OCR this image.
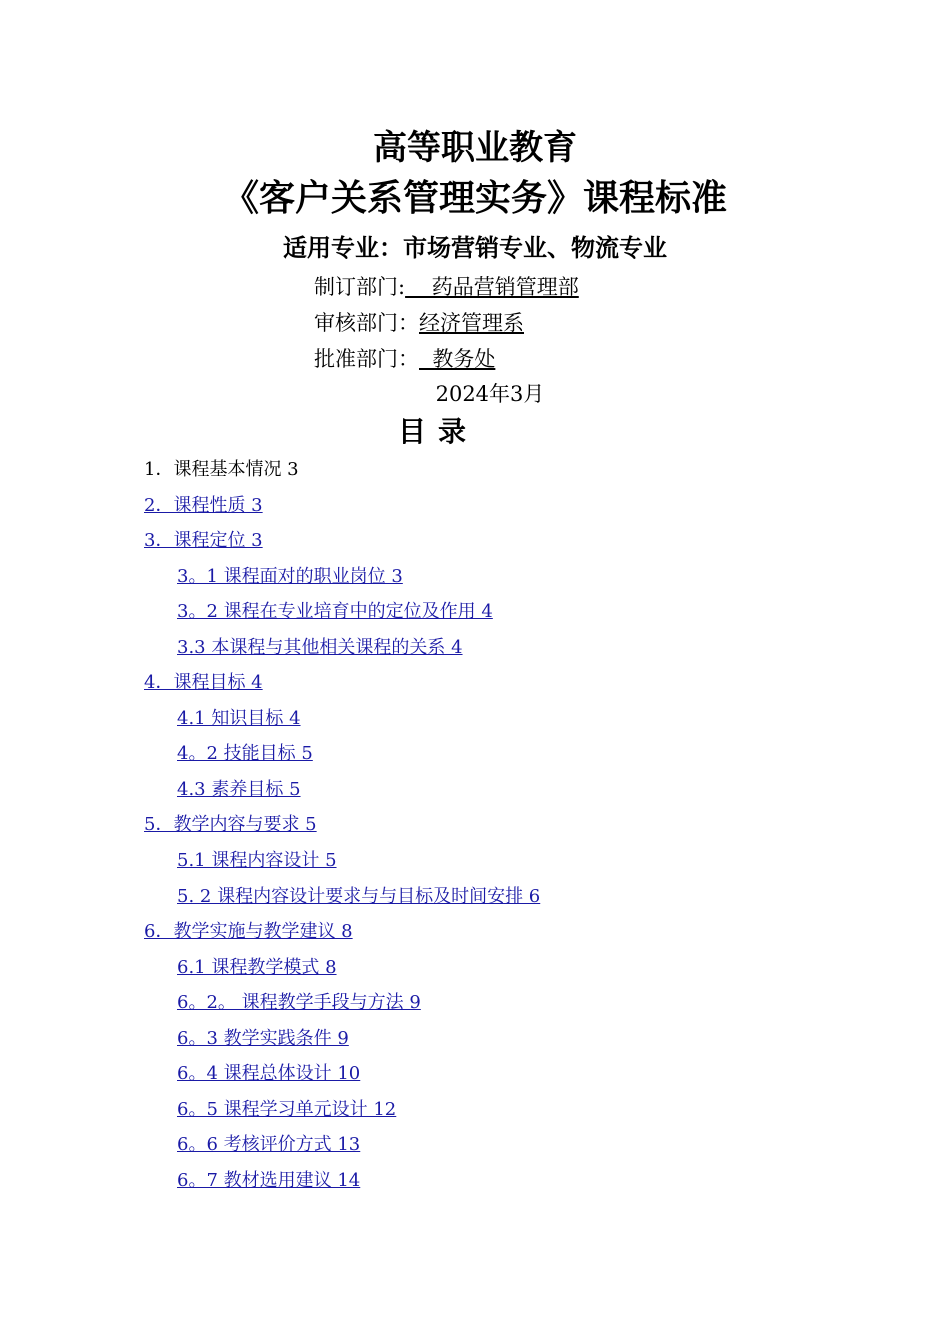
高等职业教育
《客户关系管理实务》课程标准
适用专业：市场营销专业、物流专业
制订部门:    药品营销管理部
审核部门：经济管理系
批准部门：  教务处
2024年3月
目录
1．课程基本情况 3
2．课程性质 3
3．课程定位 3
3。1 课程面对的职业岗位 3
3。2 课程在专业培育中的定位及作用 4
3.3 本课程与其他相关课程的关系 4
4．课程目标 4
4.1 知识目标 4
4。2 技能目标 5
4.3 素养目标 5
5．教学内容与要求 5
5.1 课程内容设计 5
5. 2 课程内容设计要求与与目标及时间安排 6
6．教学实施与教学建议 8
6.1 课程教学模式 8
6。2。 课程教学手段与方法 9
6。3 教学实践条件 9
6。4 课程总体设计 10
6。5 课程学习单元设计 12
6。6 考核评价方式 13
6。7 教材选用建议 14
